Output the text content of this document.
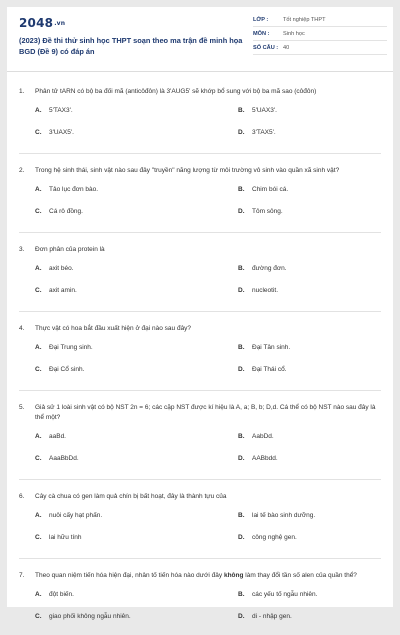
2048.vn
(2023) Đề thi thử sinh học THPT soạn theo ma trận đề minh họa BGD (Đề 9) có đáp án
LỚP :	Tốt nghiệp THPT
MÔN :	Sinh học
SỐ CÂU : 40
1.	Phân tử tARN có bộ ba đối mã (anticôđôn) là 3'AUG5' sẽ khớp bổ sung với bộ ba mã sao (côđôn)
A.	5'TAX3'.	B.	5'UAX3'.
C.	3'UAX5'.	D.	3'TAX5'.
2.	Trong hệ sinh thái, sinh vật nào sau đây "truyền" năng lượng từ môi trường vô sinh vào quần xã sinh vật?
A.	Tảo lục đơn bào.	B.	Chim bói cá.
C.	Cá rô đồng.	D.	Tôm sông.
3.	Đơn phân của protein là
A.	axit béo.	B.	đường đơn.
C.	axit amin.	D.	nucleotit.
4.	Thực vật có hoa bắt đầu xuất hiện ở đại nào sau đây?
A.	Đại Trung sinh.	B.	Đại Tân sinh.
C.	Đại Cổ sinh.	D.	Đại Thái cổ.
5.	Giả sử 1 loài sinh vật có bộ NST 2n = 6; các cặp NST được kí hiệu là A, a; B, b; D,d. Cá thể có bộ NST nào sau đây là thể một?
A.	aaBd.	B.	AabDd.
C.	AaaBbDd.	D.	AABbdd.
6.	Cây cà chua có gen làm quả chín bị bất hoạt, đây là thành tựu của
A.	nuôi cấy hạt phấn.	B.	lai tế bào sinh dưỡng.
C.	lai hữu tính	D.	công nghệ gen.
7.	Theo quan niệm tiến hóa hiện đại, nhân tố tiến hóa nào dưới đây không làm thay đổi tần số alen của quần thể?
A.	đột biến.	B.	các yếu tố ngẫu nhiên.
C.	giao phối không ngẫu nhiên.	D.	di - nhập gen.
